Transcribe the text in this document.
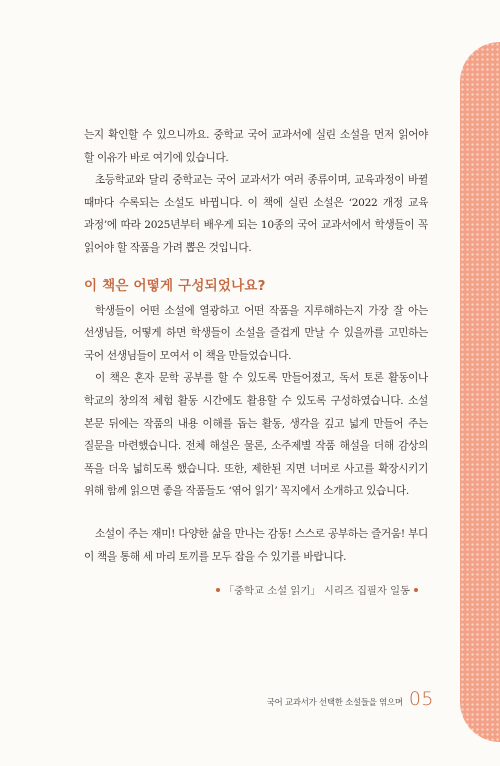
는지 확인할 수 있으니까요. 중학교 국어 교과서에 실린 소설을 먼저 읽어야 할 이유가 바로 여기에 있습니다.

초등학교와 달리 중학교는 국어 교과서가 여러 종류이며, 교육과정이 바뀔 때마다 수록되는 소설도 바뀝니다. 이 책에 실린 소설은 ‘2022 개정 교육 과정’에 따라 2025년부터 배우게 되는 10종의 국어 교과서에서 학생들이 꼭 읽어야 할 작품을 가려 뽑은 것입니다.

이 책은 어떻게 구성되었나요?

학생들이 어떤 소설에 열광하고 어떤 작품을 지루해하는지 가장 잘 아는 선생님들, 어떻게 하면 학생들이 소설을 즐겁게 만날 수 있을까를 고민하는 국어 선생님들이 모여서 이 책을 만들었습니다.

이 책은 혼자 문학 공부를 할 수 있도록 만들어졌고, 독서 토론 활동이나 학교의 창의적 체험 활동 시간에도 활용할 수 있도록 구성하였습니다. 소설 본문 뒤에는 작품의 내용 이해를 돕는 활동, 생각을 깊고 넓게 만들어 주는 질문을 마련했습니다. 전체 해설은 물론, 소주제별 작품 해설을 더해 감상의 폭을 더욱 넓히도록 했습니다. 또한, 제한된 지면 너머로 사고를 확장시키기 위해 함께 읽으면 좋을 작품들도 ‘엮어 읽기’ 꼭지에서 소개하고 있습니다.

소설이 주는 재미! 다양한 삶을 만나는 감동! 스스로 공부하는 즐거움! 부디 이 책을 통해 세 마리 토끼를 모두 잡을 수 있기를 바랍니다.

「중학교 소설 읽기」 시리즈 집필자 일동
국어 교과서가 선택한 소설들을 엮으며 05
